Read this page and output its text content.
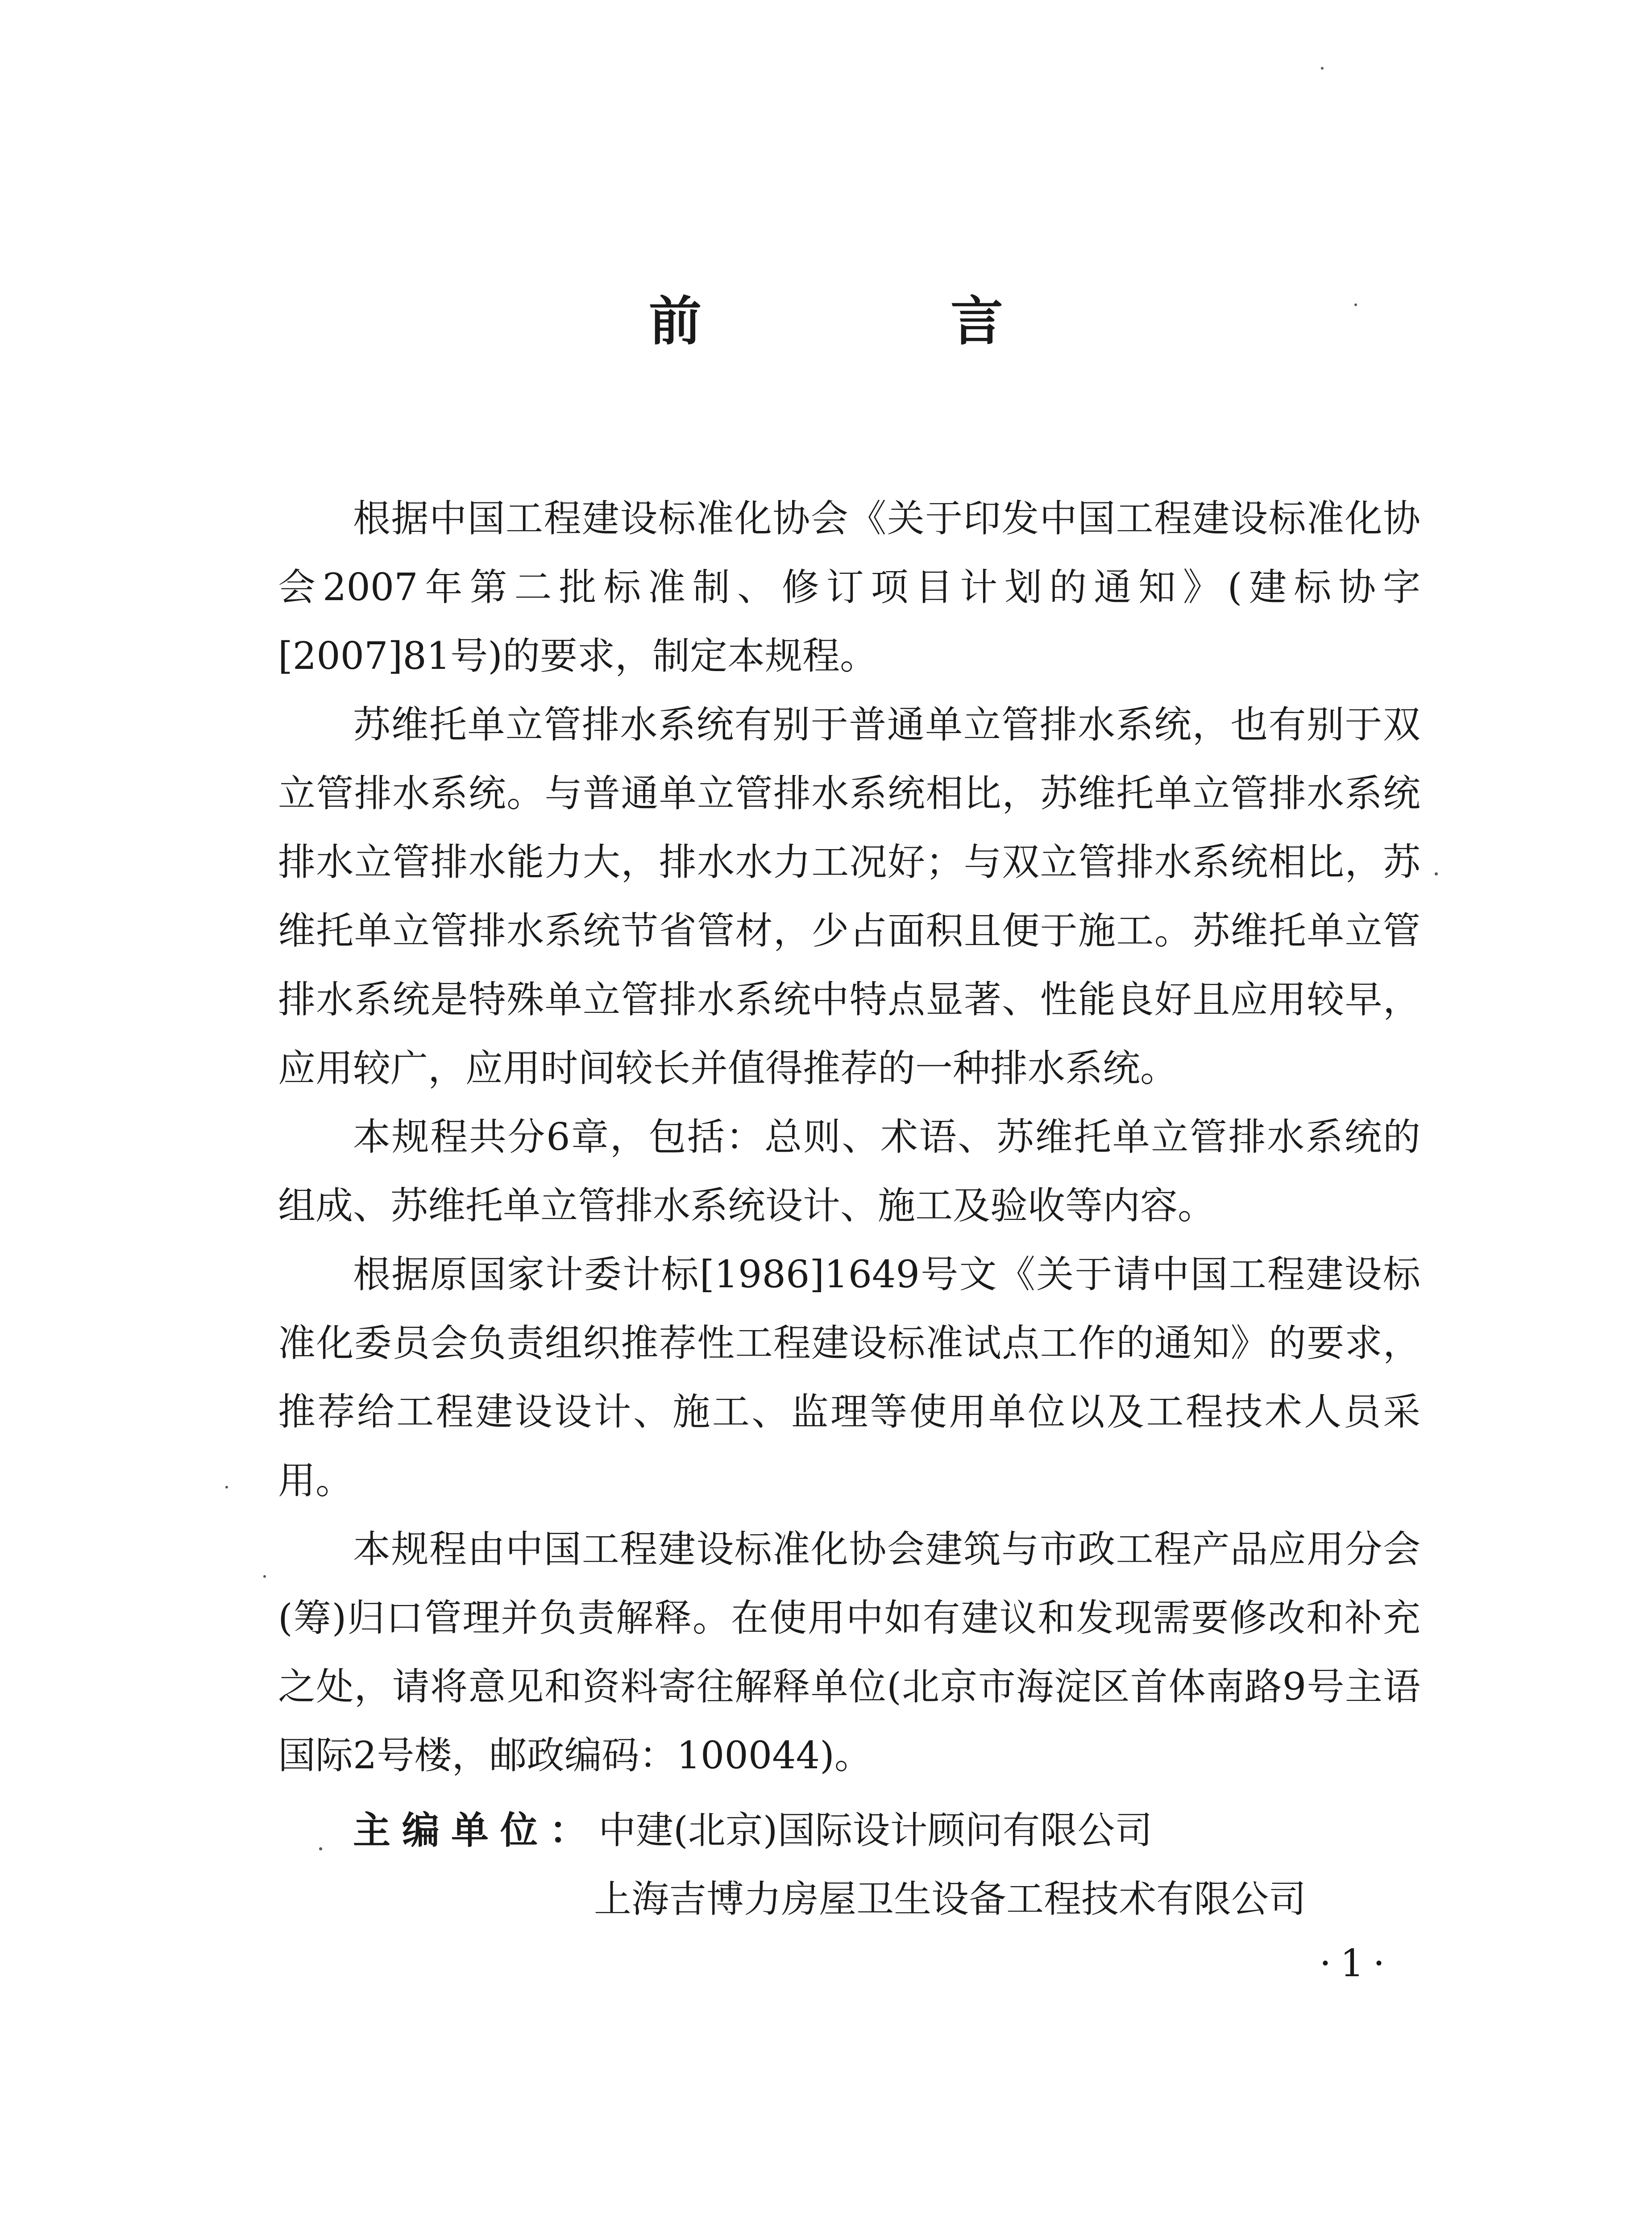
前　言

根据中国工程建设标准化协会《关于印发中国工程建设标准化协会2007年第二批标准制、修订项目计划的通知》(建标协字[2007]81号)的要求，制定本规程。

苏维托单立管排水系统有别于普通单立管排水系统，也有别于双立管排水系统。与普通单立管排水系统相比，苏维托单立管排水系统排水立管排水能力大，排水水力工况好；与双立管排水系统相比，苏维托单立管排水系统节省管材，少占面积且便于施工。苏维托单立管排水系统是特殊单立管排水系统中特点显著、性能良好且应用较早，应用较广，应用时间较长并值得推荐的一种排水系统。

本规程共分6章，包括：总则、术语、苏维托单立管排水系统的组成、苏维托单立管排水系统设计、施工及验收等内容。

根据原国家计委计标[1986]1649号文《关于请中国工程建设标准化委员会负责组织推荐性工程建设标准试点工作的通知》的要求，推荐给工程建设设计、施工、监理等使用单位以及工程技术人员采用。

本规程由中国工程建设标准化协会建筑与市政工程产品应用分会(筹)归口管理并负责解释。在使用中如有建议和发现需要修改和补充之处，请将意见和资料寄往解释单位(北京市海淀区首体南路9号主语国际2号楼，邮政编码：100044)。

主编单位：中建(北京)国际设计顾问有限公司
上海吉博力房屋卫生设备工程技术有限公司
·1·
